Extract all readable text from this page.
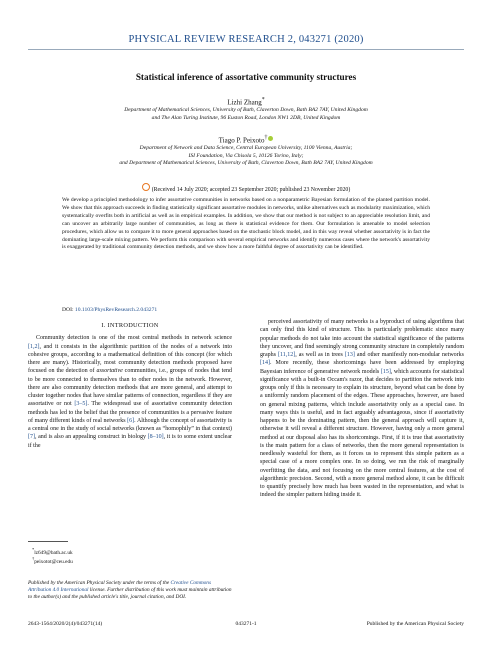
PHYSICAL REVIEW RESEARCH 2, 043271 (2020)
Statistical inference of assortative community structures
Lizhi Zhang*
Department of Mathematical Sciences, University of Bath, Claverton Down, Bath BA2 7AY, United Kingdom
and The Alan Turing Institute, 96 Euston Road, London NW1 2DB, United Kingdom
Tiago P. Peixoto†
Department of Network and Data Science, Central European University, 1100 Vienna, Austria;
ISI Foundation, Via Chisola 5, 10126 Torino, Italy;
and Department of Mathematical Sciences, University of Bath, Claverton Down, Bath BA2 7AY, United Kingdom
(Received 14 July 2020; accepted 23 September 2020; published 23 November 2020)
We develop a principled methodology to infer assortative communities in networks based on a nonparametric Bayesian formulation of the planted partition model. We show that this approach succeeds in finding statistically significant assortative modules in networks, unlike alternatives such as modularity maximization, which systematically overfits both in artificial as well as in empirical examples. In addition, we show that our method is not subject to an appreciable resolution limit, and can uncover an arbitrarily large number of communities, as long as there is statistical evidence for them. Our formulation is amenable to model selection procedures, which allow us to compare it to more general approaches based on the stochastic block model, and in this way reveal whether assortativity is in fact the dominating large-scale mixing pattern. We perform this comparison with several empirical networks and identify numerous cases where the network's assortativity is exaggerated by traditional community detection methods, and we show how a more faithful degree of assortativity can be identified.
DOI: 10.1103/PhysRevResearch.2.043271
I. INTRODUCTION

Community detection is one of the most central methods in network science [1,2], and it consists in the algorithmic partition of the nodes of a network into cohesive groups, according to a mathematical definition of this concept (for which there are many). Historically, most community detection methods proposed have focused on the detection of assortative communities, i.e., groups of nodes that tend to be more connected to themselves than to other nodes in the network. However, there are also community detection methods that are more general, and attempt to cluster together nodes that have similar patterns of connection, regardless if they are assortative or not [3–5]. The widespread use of assortative community detection methods has led to the belief that the presence of communities is a pervasive feature of many different kinds of real networks [6]. Although the concept of assortativity is a central one in the study of social networks (known as “homophily” in that context) [7], and is also an appealing construct in biology [8–10], it is to some extent unclear if the

perceived assortativity of many networks is a byproduct of using algorithms that can only find this kind of structure. This is particularly problematic since many popular methods do not take into account the statistical significance of the patterns they uncover, and find seemingly strong community structure in completely random graphs [11,12], as well as in trees [13] and other manifestly non-modular networks [14]. More recently, these shortcomings have been addressed by employing Bayesian inference of generative network models [15], which accounts for statistical significance with a built-in Occam's razor, that decides to partition the network into groups only if this is necessary to explain its structure, beyond what can be done by a uniformly random placement of the edges. These approaches, however, are based on general mixing patterns, which include assortativity only as a special case. In many ways this is useful, and in fact arguably advantageous, since if assortativity happens to be the dominating pattern, then the general approach will capture it, otherwise it will reveal a different structure. However, having only a more general method at our disposal also has its shortcomings. First, if it is true that assortativity is the main pattern for a class of networks, then the more general representation is needlessly wasteful for them, as it forces us to represent this simple pattern as a special case of a more complex one. In so doing, we run the risk of marginally overfitting the data, and not focusing on the more central features, at the cost of algorithmic precision. Second, with a more general method alone, it can be difficult to quantify precisely how much has been wasted in the representation, and what is indeed the simpler pattern hiding inside it.

*lz649@bath.ac.uk
†peixotot@ceu.edu
Published by the American Physical Society under the terms of the Creative Commons Attribution 4.0 International license. Further distribution of this work must maintain attribution to the author(s) and the published article's title, journal citation, and DOI.
2643-1564/2020/2(4)/043271(14)	043271-1	Published by the American Physical Society
